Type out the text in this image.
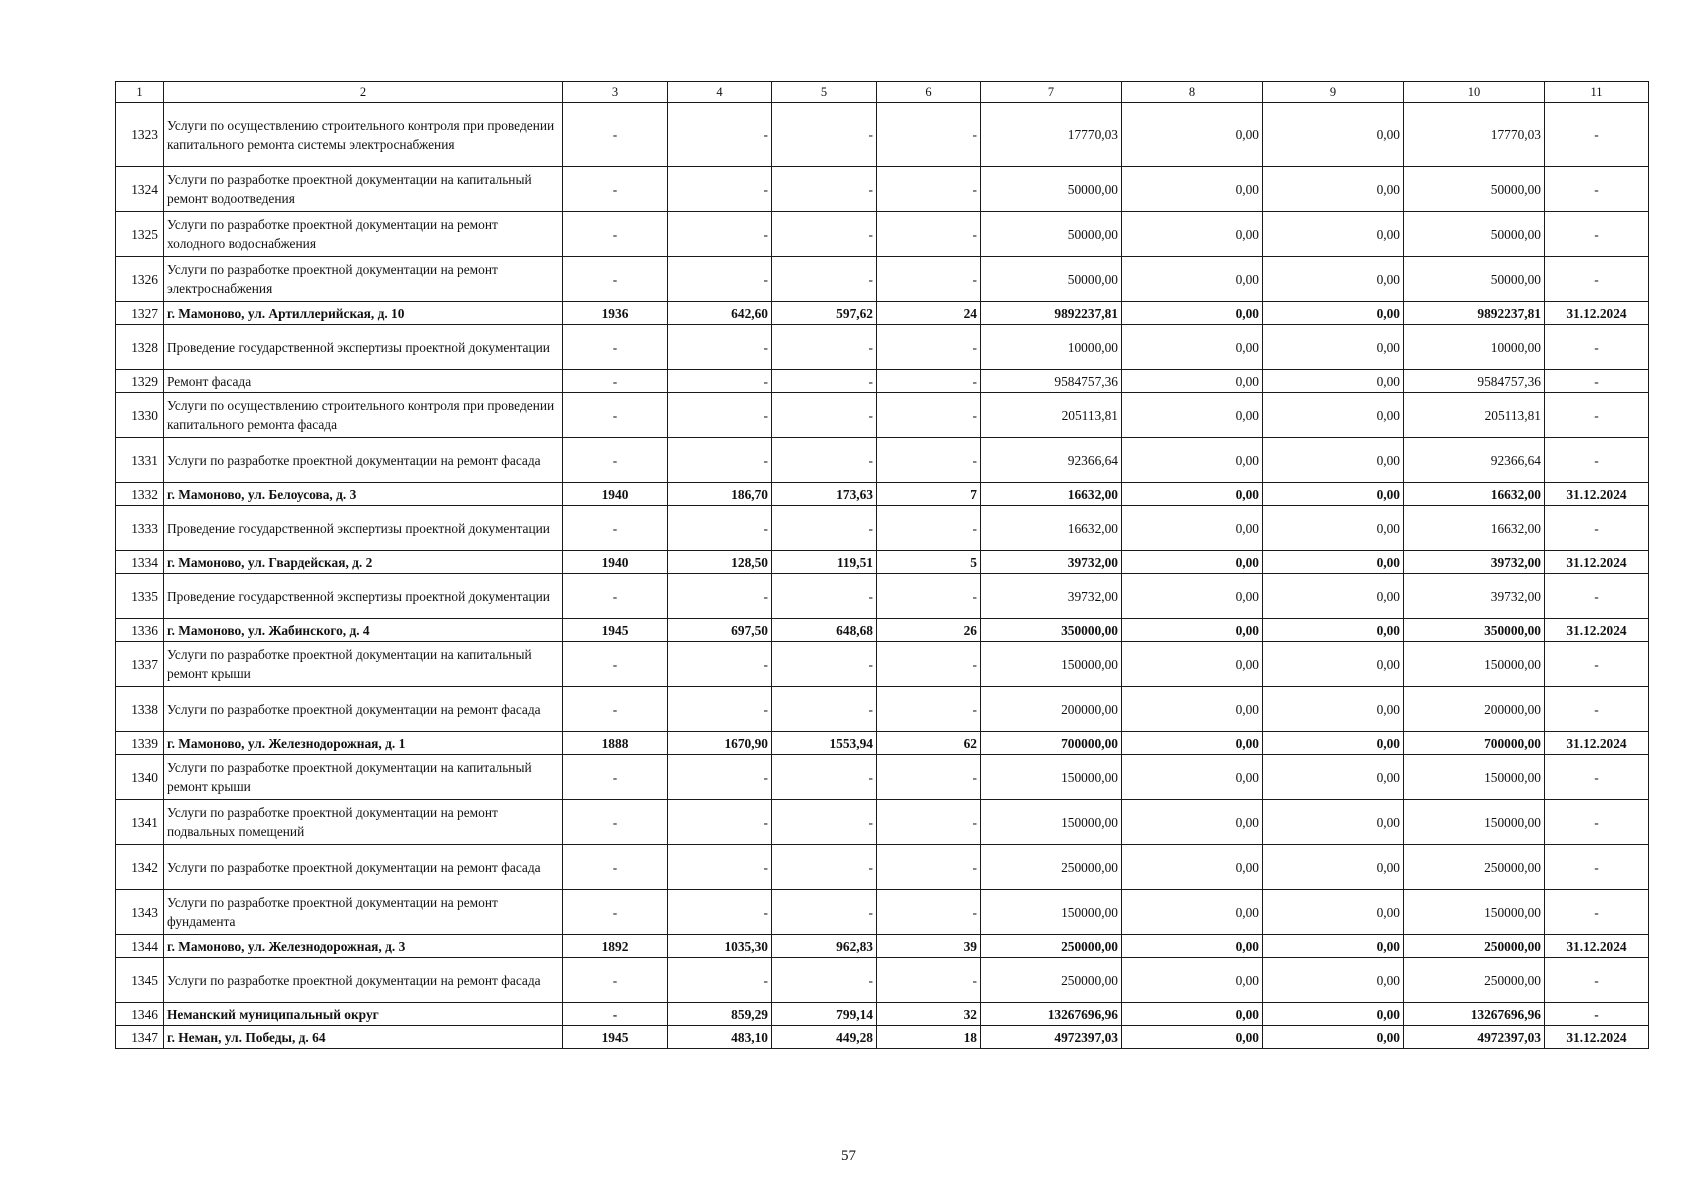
1	2	3	4	5	6	7	8	9	10	11
1323	Услуги по осуществлению строительного контроля при проведении капитального ремонта системы электроснабжения	-	-	-	-	17770,03	0,00	0,00	17770,03	-
1324	Услуги по разработке проектной документации на капитальный ремонт водоотведения	-	-	-	-	50000,00	0,00	0,00	50000,00	-
1325	Услуги по разработке проектной документации на ремонт холодного водоснабжения	-	-	-	-	50000,00	0,00	0,00	50000,00	-
1326	Услуги по разработке проектной документации на ремонт электроснабжения	-	-	-	-	50000,00	0,00	0,00	50000,00	-
1327	г. Мамоново, ул. Артиллерийская, д. 10	1936	642,60	597,62	24	9892237,81	0,00	0,00	9892237,81	31.12.2024
1328	Проведение государственной экспертизы проектной документации	-	-	-	-	10000,00	0,00	0,00	10000,00	-
1329	Ремонт фасада	-	-	-	-	9584757,36	0,00	0,00	9584757,36	-
1330	Услуги по осуществлению строительного контроля при проведении капитального ремонта фасада	-	-	-	-	205113,81	0,00	0,00	205113,81	-
1331	Услуги по разработке проектной документации на ремонт фасада	-	-	-	-	92366,64	0,00	0,00	92366,64	-
1332	г. Мамоново, ул. Белоусова, д. 3	1940	186,70	173,63	7	16632,00	0,00	0,00	16632,00	31.12.2024
1333	Проведение государственной экспертизы проектной документации	-	-	-	-	16632,00	0,00	0,00	16632,00	-
1334	г. Мамоново, ул. Гвардейская, д. 2	1940	128,50	119,51	5	39732,00	0,00	0,00	39732,00	31.12.2024
1335	Проведение государственной экспертизы проектной документации	-	-	-	-	39732,00	0,00	0,00	39732,00	-
1336	г. Мамоново, ул. Жабинского, д. 4	1945	697,50	648,68	26	350000,00	0,00	0,00	350000,00	31.12.2024
1337	Услуги по разработке проектной документации на капитальный ремонт крыши	-	-	-	-	150000,00	0,00	0,00	150000,00	-
1338	Услуги по разработке проектной документации на ремонт фасада	-	-	-	-	200000,00	0,00	0,00	200000,00	-
1339	г. Мамоново, ул. Железнодорожная, д. 1	1888	1670,90	1553,94	62	700000,00	0,00	0,00	700000,00	31.12.2024
1340	Услуги по разработке проектной документации на капитальный ремонт крыши	-	-	-	-	150000,00	0,00	0,00	150000,00	-
1341	Услуги по разработке проектной документации на ремонт подвальных помещений	-	-	-	-	150000,00	0,00	0,00	150000,00	-
1342	Услуги по разработке проектной документации на ремонт фасада	-	-	-	-	250000,00	0,00	0,00	250000,00	-
1343	Услуги по разработке проектной документации на ремонт фундамента	-	-	-	-	150000,00	0,00	0,00	150000,00	-
1344	г. Мамоново, ул. Железнодорожная, д. 3	1892	1035,30	962,83	39	250000,00	0,00	0,00	250000,00	31.12.2024
1345	Услуги по разработке проектной документации на ремонт фасада	-	-	-	-	250000,00	0,00	0,00	250000,00	-
1346	Неманский муниципальный округ	-	859,29	799,14	32	13267696,96	0,00	0,00	13267696,96	-
1347	г. Неман, ул. Победы, д. 64	1945	483,10	449,28	18	4972397,03	0,00	0,00	4972397,03	31.12.2024
57
